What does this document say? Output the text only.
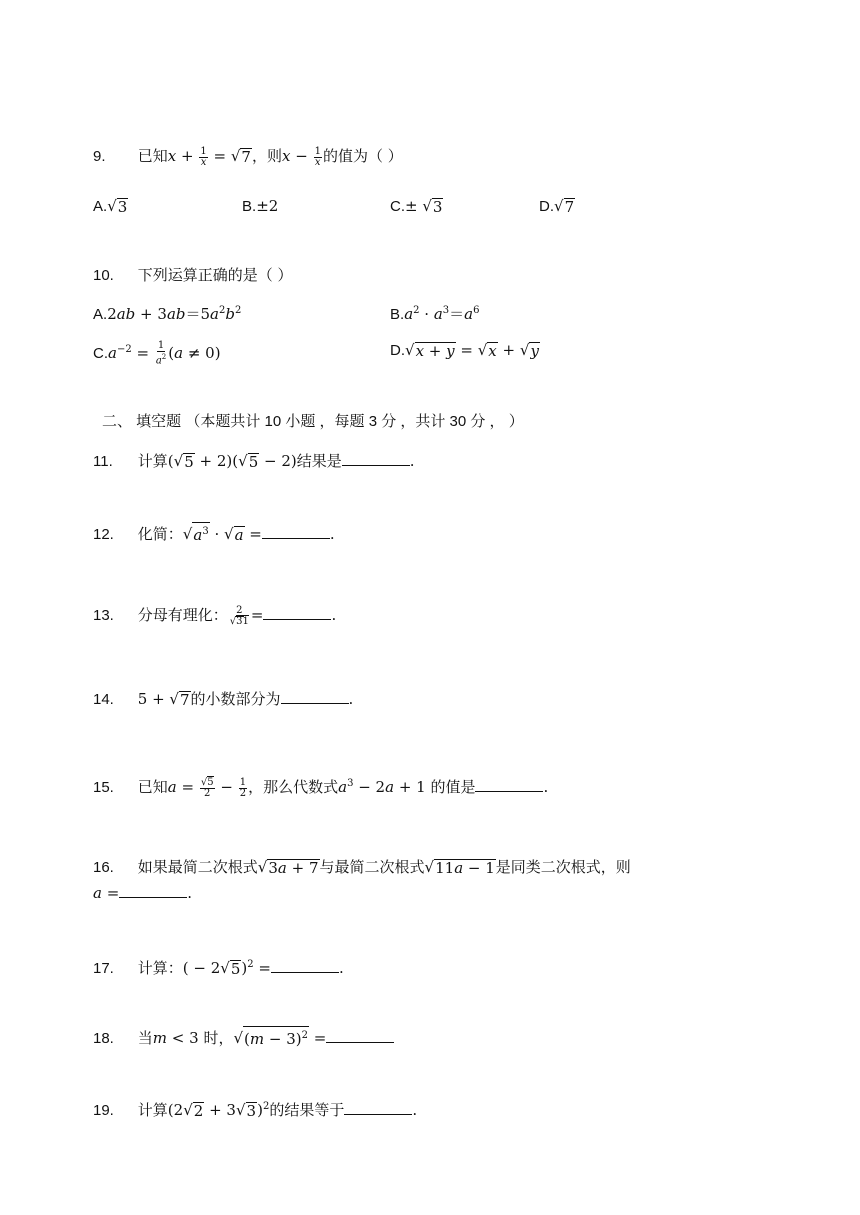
9. 已知$x + \frac{1}{x}$ = √ 7 ，则$x - \frac{1}{x}$ 的值为（ ）
A. √ 3	B.±2	C.± √ 3	D. √ 7
10. 下列运算正确的是（ ）
$A.2ab + 3ab=5a^2b^2$	$B.a^2 \cdot a^3=a^6$
$C.a^{-2} = \frac{1}{a^2} (a \ne 0)$	D. √ x + y = √ x + √ y
二、 填空题 （本题共计 10 小题 ，每题 3 分 ，共计 30 分 ， ）
11. 计算( √ 5 + 2)( √ 5 − 2)结果是	.
12. 化简： √ $a^3$ · √ a =	.
13. 分母有理化： $\frac{2}{√31}$ =	.
14. 5 + √ 7 的小数部分为	.
15. 已知$a = \frac{√5}{2} - \frac{1}{2}$ ，那么代数式$a^3 - 2a + 1$ 的值是	.
16. 如果最简二次根式 √ 3a + 7 与最简二次根式 √ 11a − 1 是同类二次根式，则
a =	.
17. 计算：( − 2 √ 5 )$^2$ =	.
18. 当m < 3 时， √ $(m - 3)^2$ =
19. 计算(2 √ 2 + 3 √ 3 )$^2$的结果等于	.
